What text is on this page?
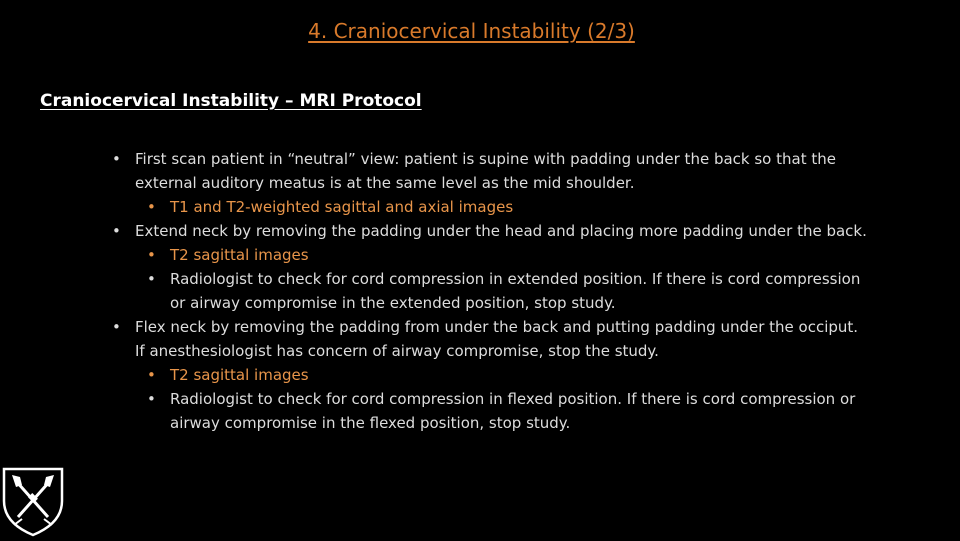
4. Craniocervical Instability (2/3)
Craniocervical Instability – MRI Protocol
• First scan patient in “neutral” view: patient is supine with padding under the back so that the external auditory meatus is at the same level as the mid shoulder.
• T1 and T2-weighted sagittal and axial images
• Extend neck by removing the padding under the head and placing more padding under the back.
• T2 sagittal images
• Radiologist to check for cord compression in extended position. If there is cord compression or airway compromise in the extended position, stop study.
• Flex neck by removing the padding from under the back and putting padding under the occiput. If anesthesiologist has concern of airway compromise, stop the study.
• T2 sagittal images
• Radiologist to check for cord compression in flexed position. If there is cord compression or airway compromise in the flexed position, stop study.
